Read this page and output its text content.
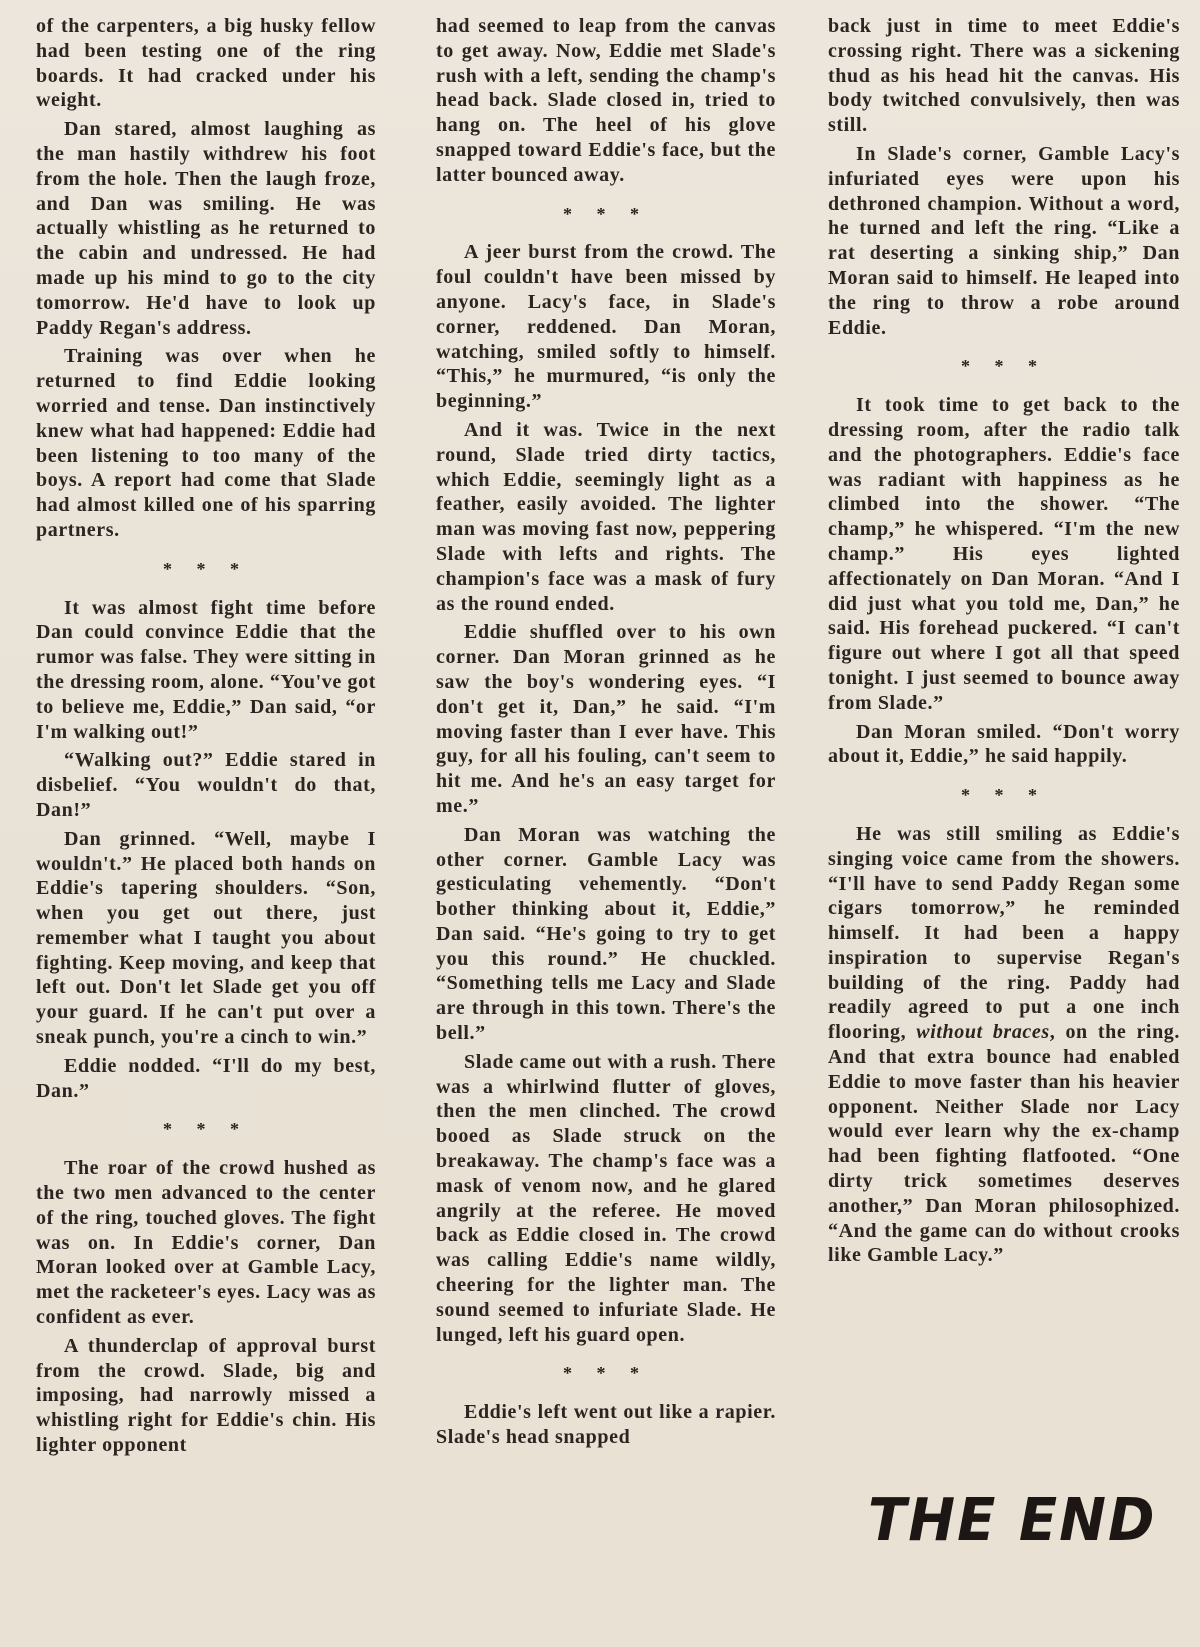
of the carpenters, a big husky fellow had been testing one of the ring boards. It had cracked under his weight.

Dan stared, almost laughing as the man hastily withdrew his foot from the hole. Then the laugh froze, and Dan was smiling. He was actually whistling as he returned to the cabin and undressed. He had made up his mind to go to the city tomorrow. He'd have to look up Paddy Regan's address.

Training was over when he returned to find Eddie looking worried and tense. Dan instinctively knew what had happened: Eddie had been listening to too many of the boys. A report had come that Slade had almost killed one of his sparring partners.

* * *

It was almost fight time before Dan could convince Eddie that the rumor was false. They were sitting in the dressing room, alone. “You've got to believe me, Eddie,” Dan said, “or I'm walking out!”

“Walking out?” Eddie stared in disbelief. “You wouldn't do that, Dan!”

Dan grinned. “Well, maybe I wouldn't.” He placed both hands on Eddie's tapering shoulders. “Son, when you get out there, just remember what I taught you about fighting. Keep moving, and keep that left out. Don't let Slade get you off your guard. If he can't put over a sneak punch, you're a cinch to win.”

Eddie nodded. “I'll do my best, Dan.”

* * *

The roar of the crowd hushed as the two men advanced to the center of the ring, touched gloves. The fight was on. In Eddie's corner, Dan Moran looked over at Gamble Lacy, met the racketeer's eyes. Lacy was as confident as ever.

A thunderclap of approval burst from the crowd. Slade, big and imposing, had narrowly missed a whistling right for Eddie's chin. His lighter opponent

had seemed to leap from the canvas to get away. Now, Eddie met Slade's rush with a left, sending the champ's head back. Slade closed in, tried to hang on. The heel of his glove snapped toward Eddie's face, but the latter bounced away.

* * *

A jeer burst from the crowd. The foul couldn't have been missed by anyone. Lacy's face, in Slade's corner, reddened. Dan Moran, watching, smiled softly to himself. “This,” he murmured, “is only the beginning.”

And it was. Twice in the next round, Slade tried dirty tactics, which Eddie, seemingly light as a feather, easily avoided. The lighter man was moving fast now, peppering Slade with lefts and rights. The champion's face was a mask of fury as the round ended.

Eddie shuffled over to his own corner. Dan Moran grinned as he saw the boy's wondering eyes. “I don't get it, Dan,” he said. “I'm moving faster than I ever have. This guy, for all his fouling, can't seem to hit me. And he's an easy target for me.”

Dan Moran was watching the other corner. Gamble Lacy was gesticulating vehemently. “Don't bother thinking about it, Eddie,” Dan said. “He's going to try to get you this round.” He chuckled. “Something tells me Lacy and Slade are through in this town. There's the bell.”

Slade came out with a rush. There was a whirlwind flutter of gloves, then the men clinched. The crowd booed as Slade struck on the breakaway. The champ's face was a mask of venom now, and he glared angrily at the referee. He moved back as Eddie closed in. The crowd was calling Eddie's name wildly, cheering for the lighter man. The sound seemed to infuriate Slade. He lunged, left his guard open.

* * *

Eddie's left went out like a rapier. Slade's head snapped

back just in time to meet Eddie's crossing right. There was a sickening thud as his head hit the canvas. His body twitched convulsively, then was still.

In Slade's corner, Gamble Lacy's infuriated eyes were upon his dethroned champion. Without a word, he turned and left the ring. “Like a rat deserting a sinking ship,” Dan Moran said to himself. He leaped into the ring to throw a robe around Eddie.

* * *

It took time to get back to the dressing room, after the radio talk and the photographers. Eddie's face was radiant with happiness as he climbed into the shower. “The champ,” he whispered. “I'm the new champ.” His eyes lighted affectionately on Dan Moran. “And I did just what you told me, Dan,” he said. His forehead puckered. “I can't figure out where I got all that speed tonight. I just seemed to bounce away from Slade.”

Dan Moran smiled. “Don't worry about it, Eddie,” he said happily.

* * *

He was still smiling as Eddie's singing voice came from the showers. “I'll have to send Paddy Regan some cigars tomorrow,” he reminded himself. It had been a happy inspiration to supervise Regan's building of the ring. Paddy had readily agreed to put a one inch flooring, without braces, on the ring. And that extra bounce had enabled Eddie to move faster than his heavier opponent. Neither Slade nor Lacy would ever learn why the ex-champ had been fighting flatfooted. “One dirty trick sometimes deserves another,” Dan Moran philosophized. “And the game can do without crooks like Gamble Lacy.”

THE END
